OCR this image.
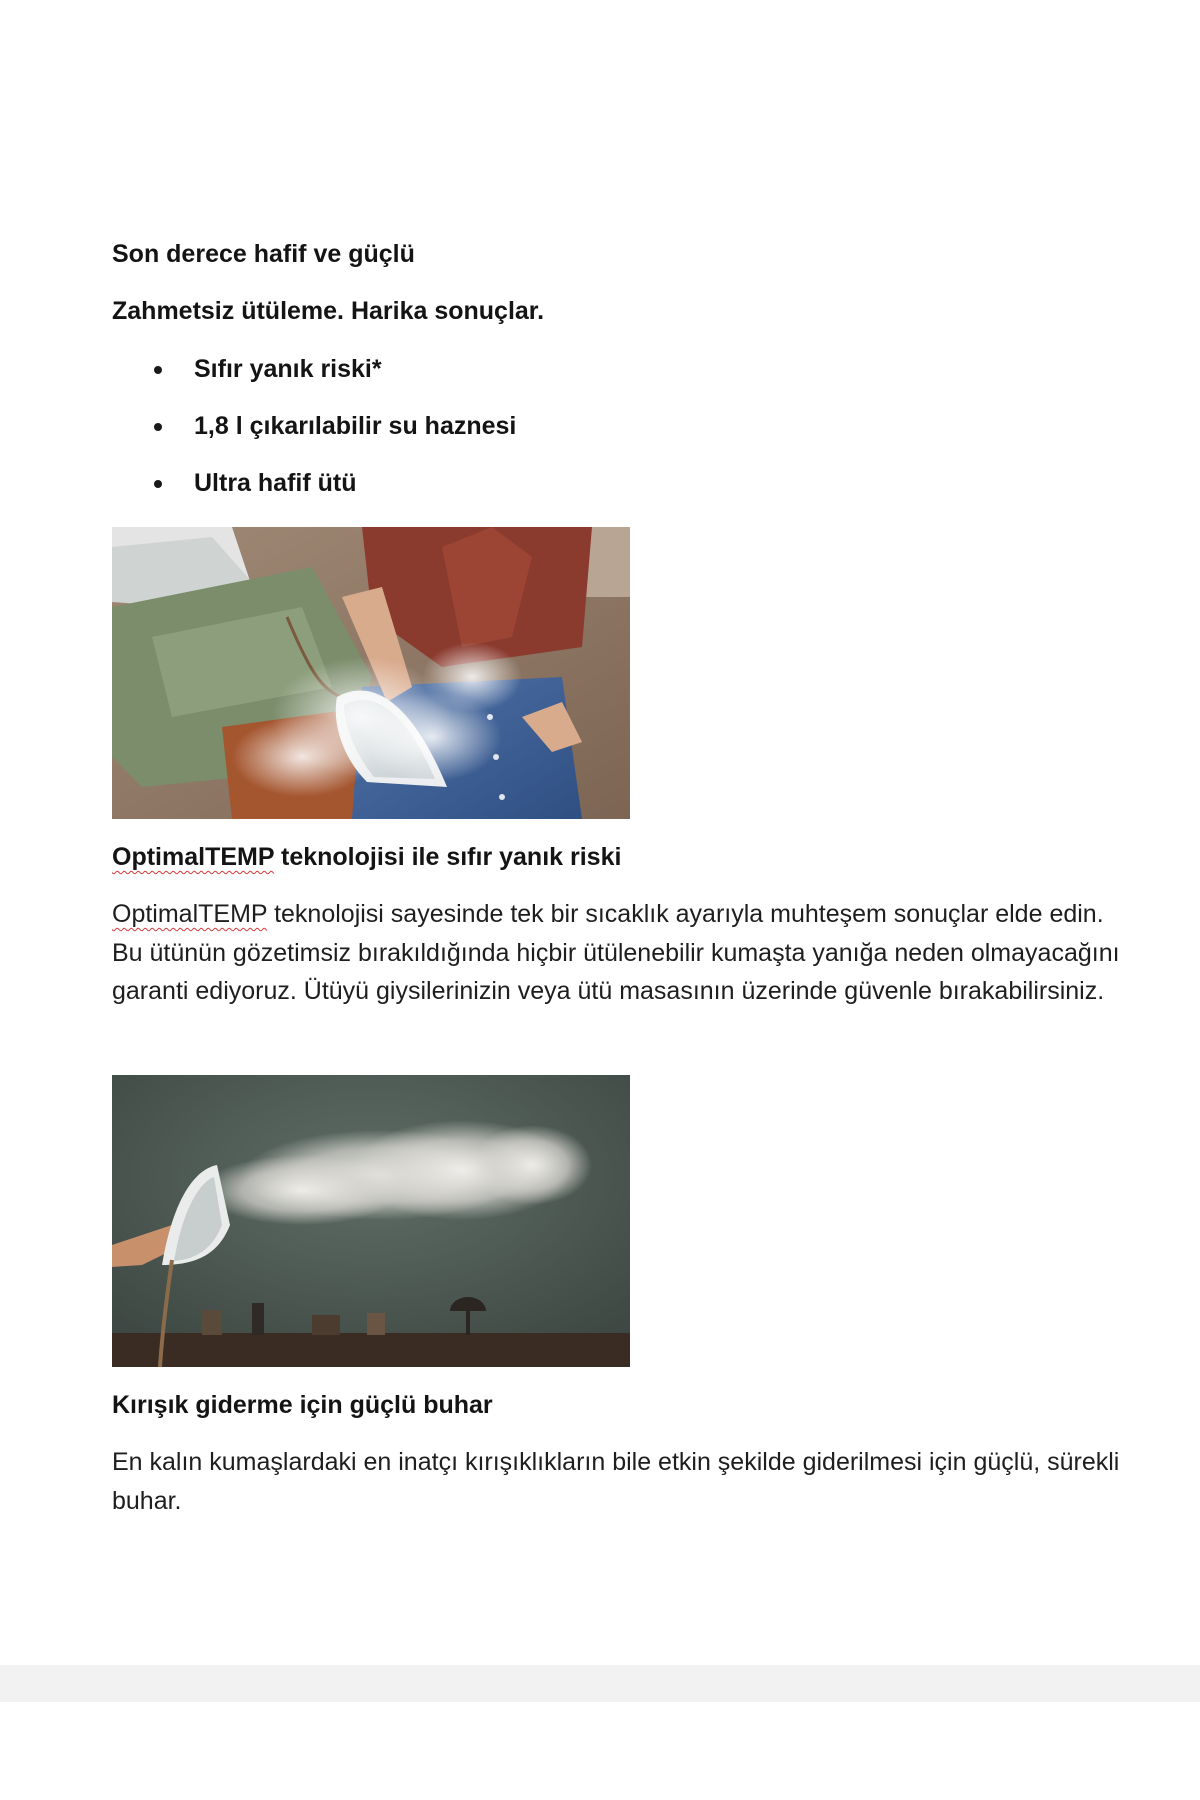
Son derece hafif ve güçlü
Zahmetsiz ütüleme. Harika sonuçlar.
Sıfır yanık riski*
1,8 l çıkarılabilir su haznesi
Ultra hafif ütü
OptimalTEMP teknolojisi ile sıfır yanık riski

OptimalTEMP teknolojisi sayesinde tek bir sıcaklık ayarıyla muhteşem sonuçlar elde edin. Bu ütünün gözetimsiz bırakıldığında hiçbir ütülenebilir kumaşta yanığa neden olmayacağını garanti ediyoruz. Ütüyü giysilerinizin veya ütü masasının üzerinde güvenle bırakabilirsiniz.

Kırışık giderme için güçlü buhar

En kalın kumaşlardaki en inatçı kırışıklıkların bile etkin şekilde giderilmesi için güçlü, sürekli buhar.
